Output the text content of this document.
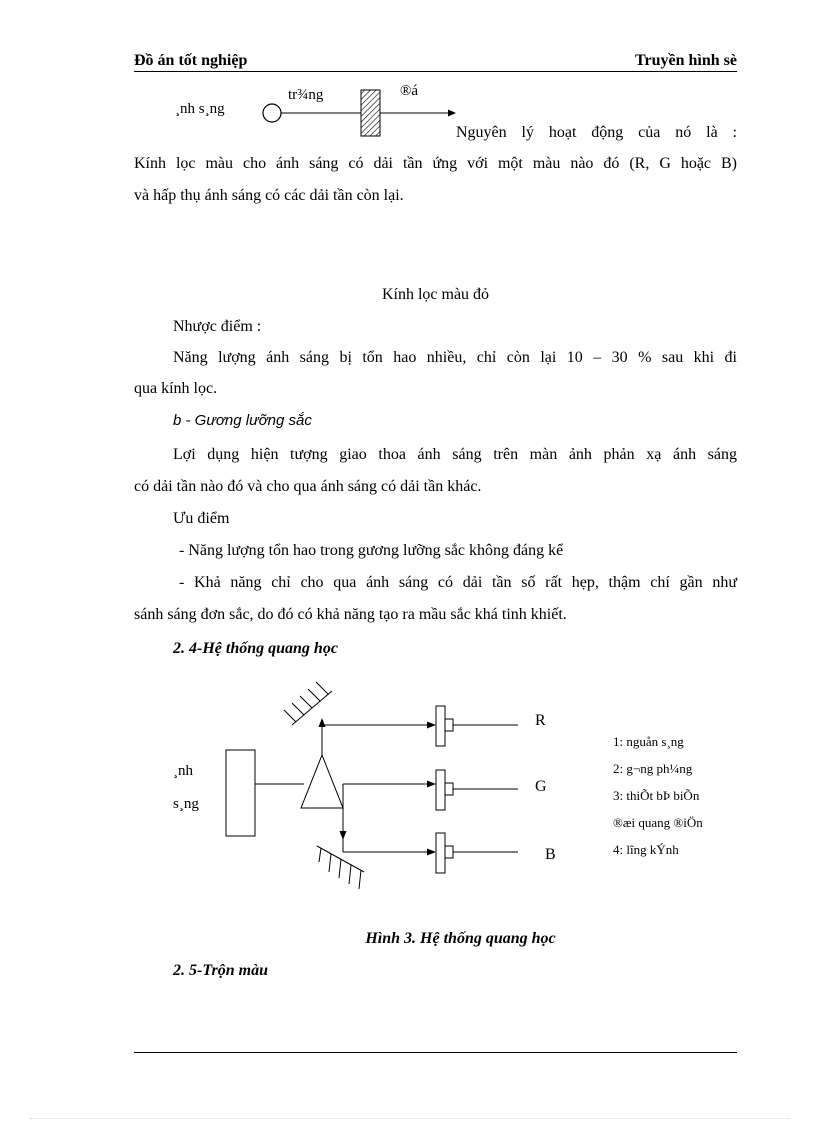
Đồ án tốt nghiệp	Truyền hình sè
¸nh s¸ng
tr¾ng	®á
Nguyên lý hoạt động của nó là :
Kính lọc màu cho ánh sáng có dải tần ứng với một màu nào đó (R, G hoặc B)
và hấp thụ ánh sáng có các dải tần còn lại.
Kính lọc màu đỏ
Nhược điểm :
Năng lượng ánh sáng bị tổn hao nhiều, chỉ còn lại 10 – 30 % sau khi đi
qua kính lọc.
b - Gương lưỡng sắc
Lợi dụng hiện tượng giao thoa ánh sáng trên màn ảnh phản xạ ánh sáng
có dải tần nào đó và cho qua ánh sáng có dải tần khác.
Ưu điểm
- Năng lượng tổn hao trong gương lưỡng sắc không đáng kể
- Khả năng chỉ cho qua ánh sáng có dải tần số rất hẹp, thậm chí gần như
sánh sáng đơn sắc, do đó có khả năng tạo ra mầu sắc khá tinh khiết.
2. 4-Hệ thống quang học
¸nh
s¸ng
R
G
B
1: nguån s¸ng
2: g¬ng ph¼ng
3: thiÕt bÞ biÕn
®æi quang ®iÖn
4: lîng kÝnh
Hình 3. Hệ thống quang học
2. 5-Trộn màu
